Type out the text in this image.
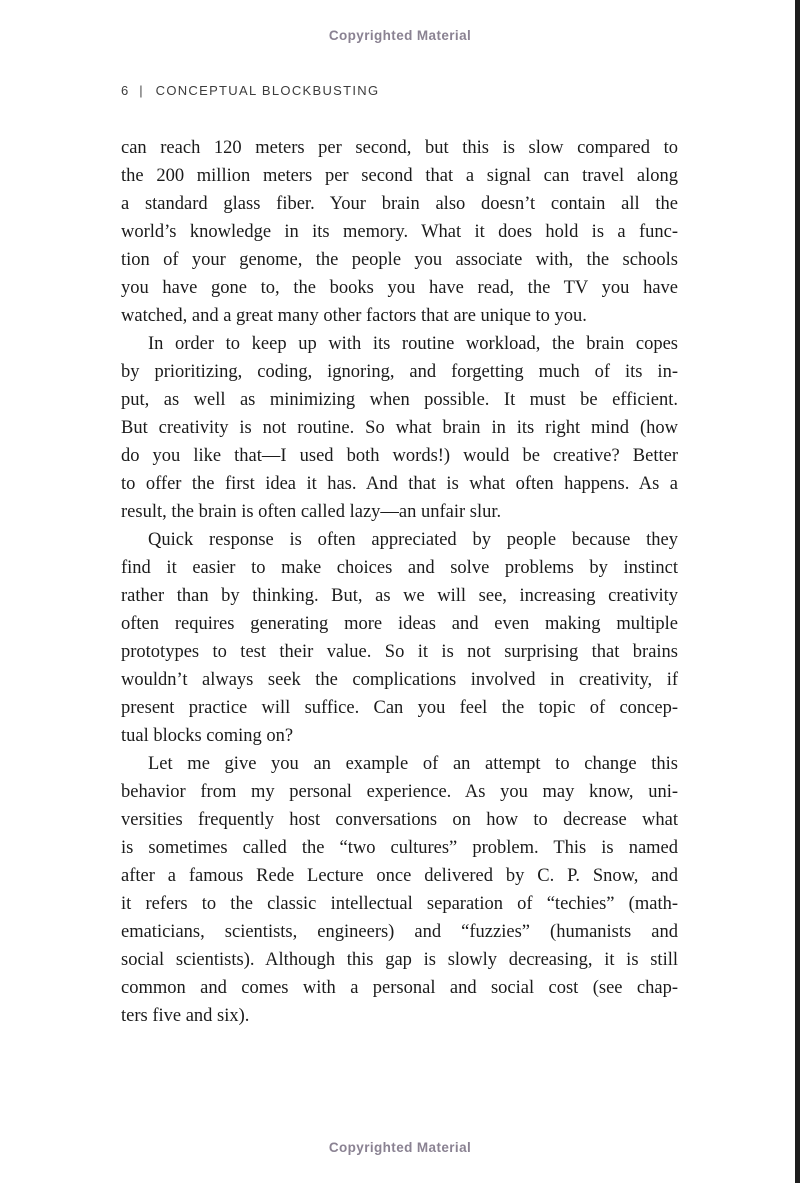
Copyrighted Material
6 | CONCEPTUAL BLOCKBUSTING
can reach 120 meters per second, but this is slow compared to
the 200 million meters per second that a signal can travel along
a standard glass fiber. Your brain also doesn’t contain all the
world’s knowledge in its memory. What it does hold is a func-
tion of your genome, the people you associate with, the schools
you have gone to, the books you have read, the TV you have
watched, and a great many other factors that are unique to you.
In order to keep up with its routine workload, the brain copes
by prioritizing, coding, ignoring, and forgetting much of its in-
put, as well as minimizing when possible. It must be efficient.
But creativity is not routine. So what brain in its right mind (how
do you like that—I used both words!) would be creative? Better
to offer the first idea it has. And that is what often happens. As a
result, the brain is often called lazy—an unfair slur.
Quick response is often appreciated by people because they
find it easier to make choices and solve problems by instinct
rather than by thinking. But, as we will see, increasing creativity
often requires generating more ideas and even making multiple
prototypes to test their value. So it is not surprising that brains
wouldn’t always seek the complications involved in creativity, if
present practice will suffice. Can you feel the topic of concep-
tual blocks coming on?
Let me give you an example of an attempt to change this
behavior from my personal experience. As you may know, uni-
versities frequently host conversations on how to decrease what
is sometimes called the “two cultures” problem. This is named
after a famous Rede Lecture once delivered by C. P. Snow, and
it refers to the classic intellectual separation of “techies” (math-
ematicians, scientists, engineers) and “fuzzies” (humanists and
social scientists). Although this gap is slowly decreasing, it is still
common and comes with a personal and social cost (see chap-
ters five and six).
Copyrighted Material
